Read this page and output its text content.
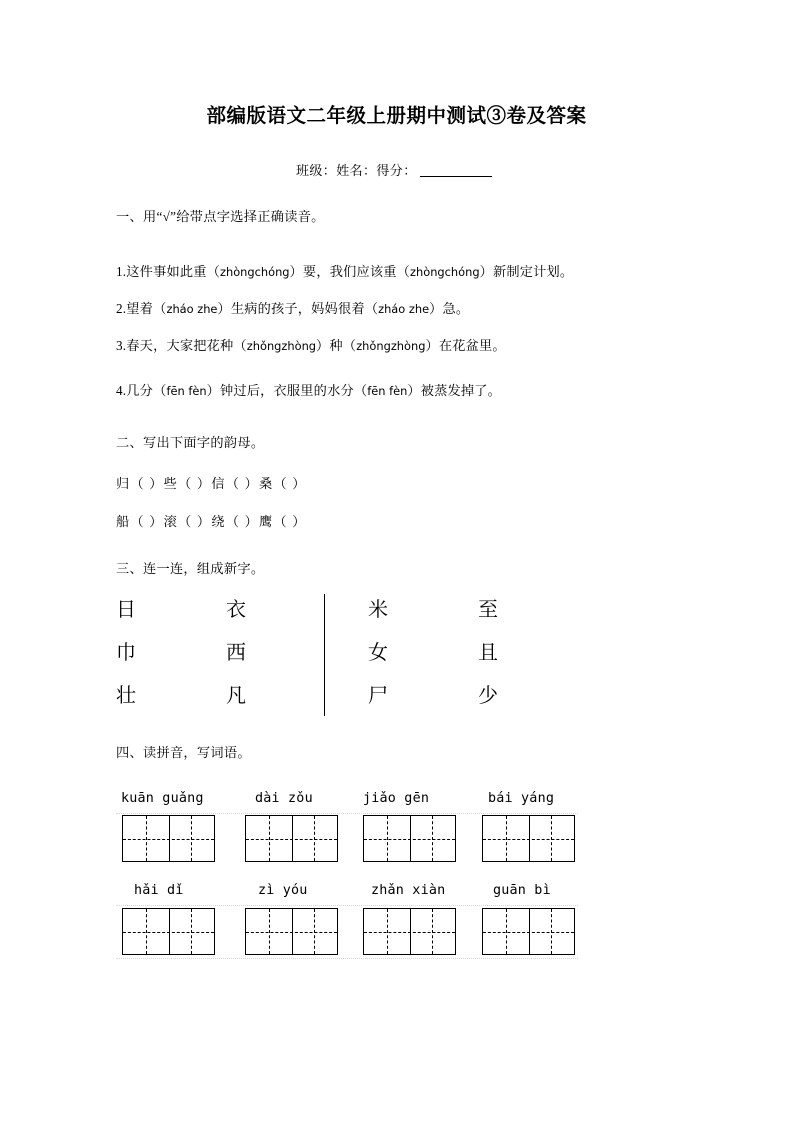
部编版语文二年级上册期中测试③卷及答案
班级：姓名：得分：
一、用“√”给带点字选择正确读音。
1.这件事如此重（zhòngchóng）要，我们应该重（zhòngchóng）新制定计划。
2.望着（zháo zhe）生病的孩子，妈妈很着（zháo zhe）急。
3.春天，大家把花种（zhǒngzhòng）种（zhǒngzhòng）在花盆里。
4.几分（fēn fèn）钟过后，衣服里的水分（fēn fèn）被蒸发掉了。
二、写出下面字的韵母。
归（ ）些（ ）信（ ）桑（ ）
船（ ）滚（ ）绕（ ）鹰（ ）
三、连一连，组成新字。
日	衣	米	至
巾	西	女	且
壮	凡	尸	少
四、读拼音，写词语。
kuān guǎng	dài zǒu	jiǎo gēn	bái yáng
hǎi dǐ	zì yóu	zhǎn xiàn	guān bì
